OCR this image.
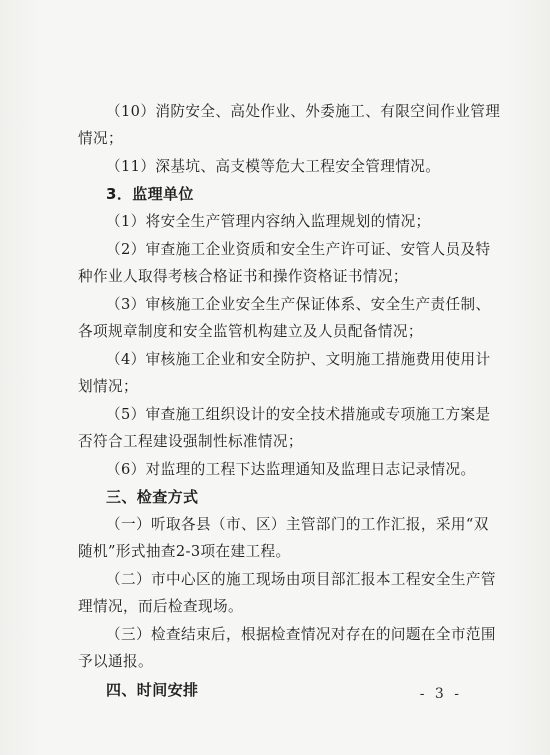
（10）消防安全、高处作业、外委施工、有限空间作业管理
情况；
（11）深基坑、高支模等危大工程安全管理情况。
3．监理单位
（1）将安全生产管理内容纳入监理规划的情况；
（2）审查施工企业资质和安全生产许可证、安管人员及特
种作业人取得考核合格证书和操作资格证书情况；
（3）审核施工企业安全生产保证体系、安全生产责任制、
各项规章制度和安全监管机构建立及人员配备情况；
（4）审核施工企业和安全防护、文明施工措施费用使用计
划情况；
（5）审查施工组织设计的安全技术措施或专项施工方案是
否符合工程建设强制性标准情况；
（6）对监理的工程下达监理通知及监理日志记录情况。
三、检查方式
（一）听取各县（市、区）主管部门的工作汇报，采用“双
随机”形式抽查2-3项在建工程。
（二）市中心区的施工现场由项目部汇报本工程安全生产管
理情况，而后检查现场。
（三）检查结束后，根据检查情况对存在的问题在全市范围
予以通报。
四、时间安排	- 3 -
